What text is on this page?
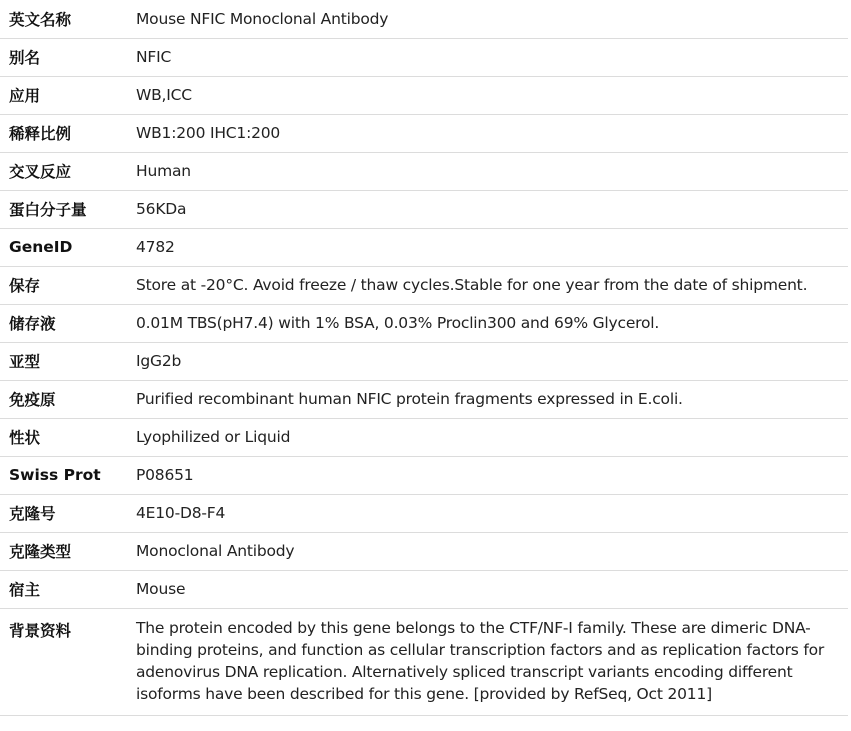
英文名称	Mouse NFIC Monoclonal Antibody
别名	NFIC
应用	WB,ICC
稀释比例	WB1:200 IHC1:200
交叉反应	Human
蛋白分子量	56KDa
GeneID	4782
保存	Store at -20°C. Avoid freeze / thaw cycles.Stable for one year from the date of shipment.
储存液	0.01M TBS(pH7.4) with 1% BSA, 0.03% Proclin300 and 69% Glycerol.
亚型	IgG2b
免疫原	Purified recombinant human NFIC protein fragments expressed in E.coli.
性状	Lyophilized or Liquid
Swiss Prot	P08651
克隆号	4E10-D8-F4
克隆类型	Monoclonal Antibody
宿主	Mouse
背景资料	The protein encoded by this gene belongs to the CTF/NF-I family. These are dimeric DNA-binding proteins, and function as cellular transcription factors and as replication factors for adenovirus DNA replication. Alternatively spliced transcript variants encoding different isoforms have been described for this gene. [provided by RefSeq, Oct 2011]
